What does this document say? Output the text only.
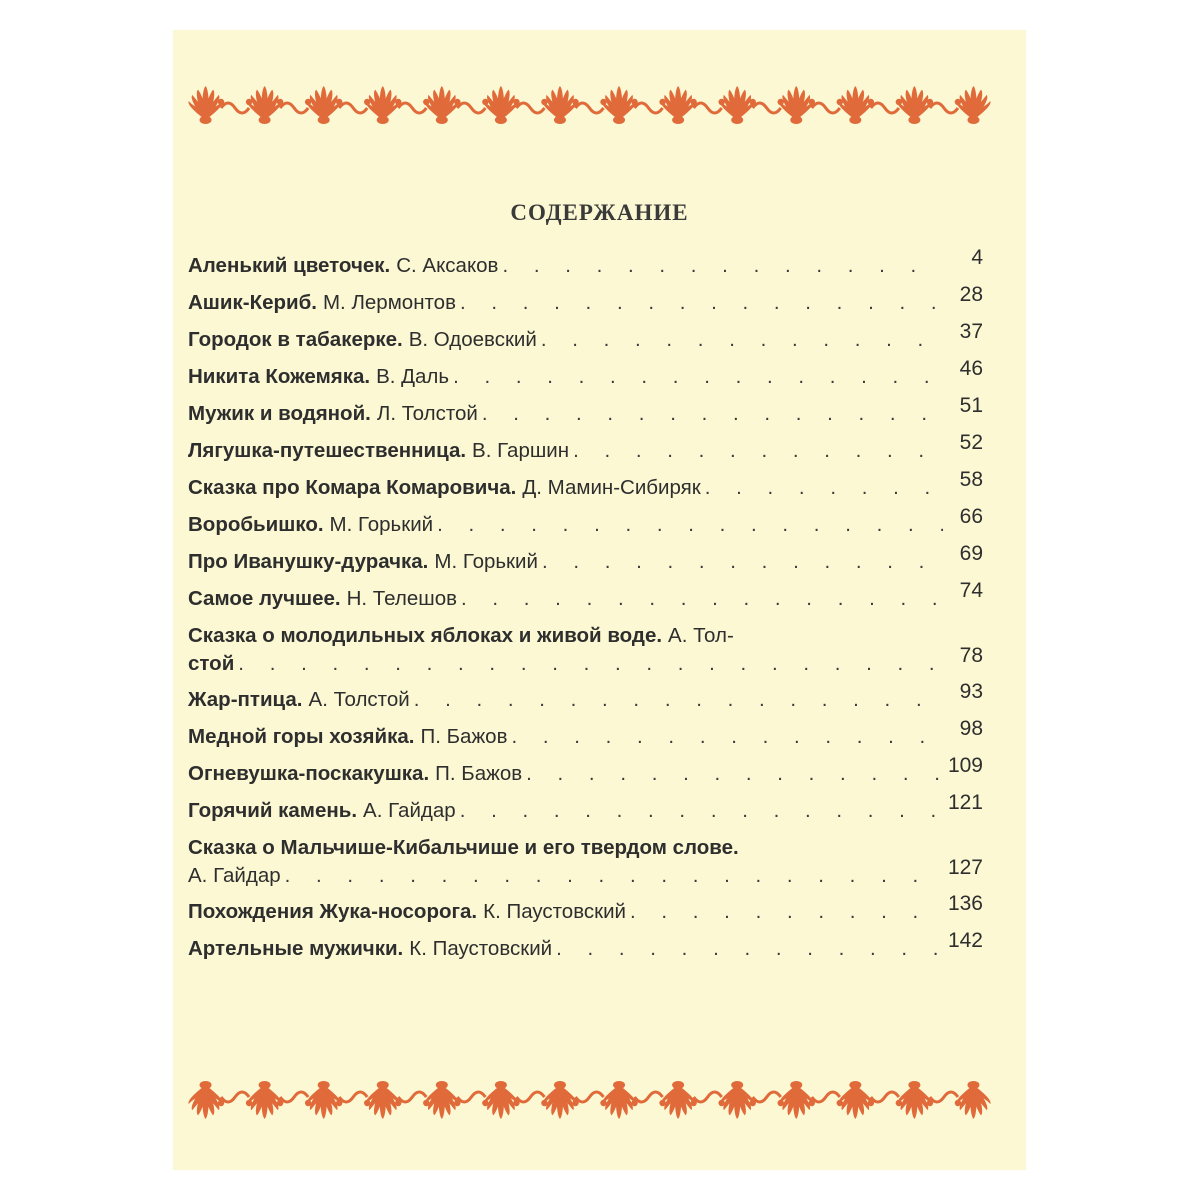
СОДЕРЖАНИЕ
Аленький цветочек. С. Аксаков . . .	4
Ашик-Кериб. М. Лермонтов . . .	28
Городок в табакерке. В. Одоевский . . .	37
Никита Кожемяка. В. Даль . . .	46
Мужик и водяной. Л. Толстой . . .	51
Лягушка-путешественница. В. Гаршин . . .	52
Сказка про Комара Комаровича. Д. Мамин-Сибиряк . . .	58
Воробьишко. М. Горький . . .	66
Про Иванушку-дурачка. М. Горький . . .	69
Самое лучшее. Н. Телешов . . .	74
Сказка о молодильных яблоках и живой воде. А. Тол-
стой . . .	78
Жар-птица. А. Толстой . . .	93
Медной горы хозяйка. П. Бажов . . .	98
Огневушка-поскакушка. П. Бажов . . .	109
Горячий камень. А. Гайдар . . .	121
Сказка о Мальчише-Кибальчише и его твердом слове.
А. Гайдар . . .	127
Похождения Жука-носорога. К. Паустовский . . .	136
Артельные мужички. К. Паустовский . . .	142
